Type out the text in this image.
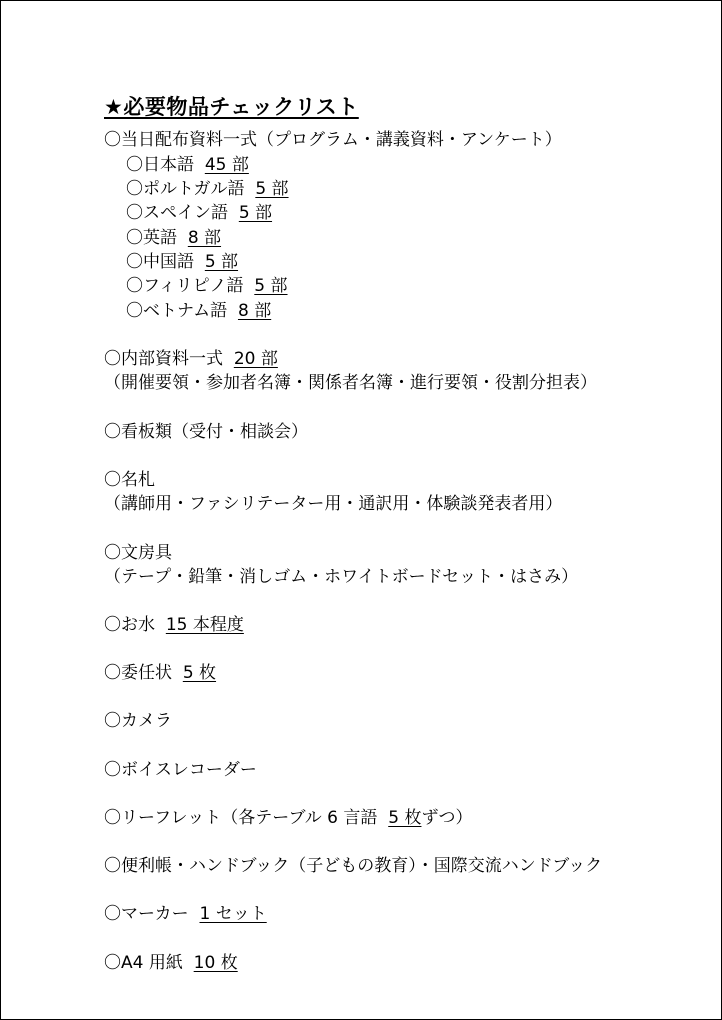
★必要物品チェックリスト
〇当日配布資料一式（プログラム・講義資料・アンケート）
〇日本語 45 部
〇ポルトガル語 5 部
〇スペイン語 5 部
〇英語 8 部
〇中国語 5 部
〇フィリピノ語 5 部
〇ベトナム語 8 部
〇内部資料一式 20 部
（開催要領・参加者名簿・関係者名簿・進行要領・役割分担表）
〇看板類（受付・相談会）
〇名札
（講師用・ファシリテーター用・通訳用・体験談発表者用）
〇文房具
（テープ・鉛筆・消しゴム・ホワイトボードセット・はさみ）
〇お水 15 本程度
〇委任状 5 枚
〇カメラ
〇ボイスレコーダー
〇リーフレット（各テーブル 6 言語 5 枚ずつ）
〇便利帳・ハンドブック（子どもの教育）・国際交流ハンドブック
〇マーカー 1 セット
〇A4 用紙 10 枚
